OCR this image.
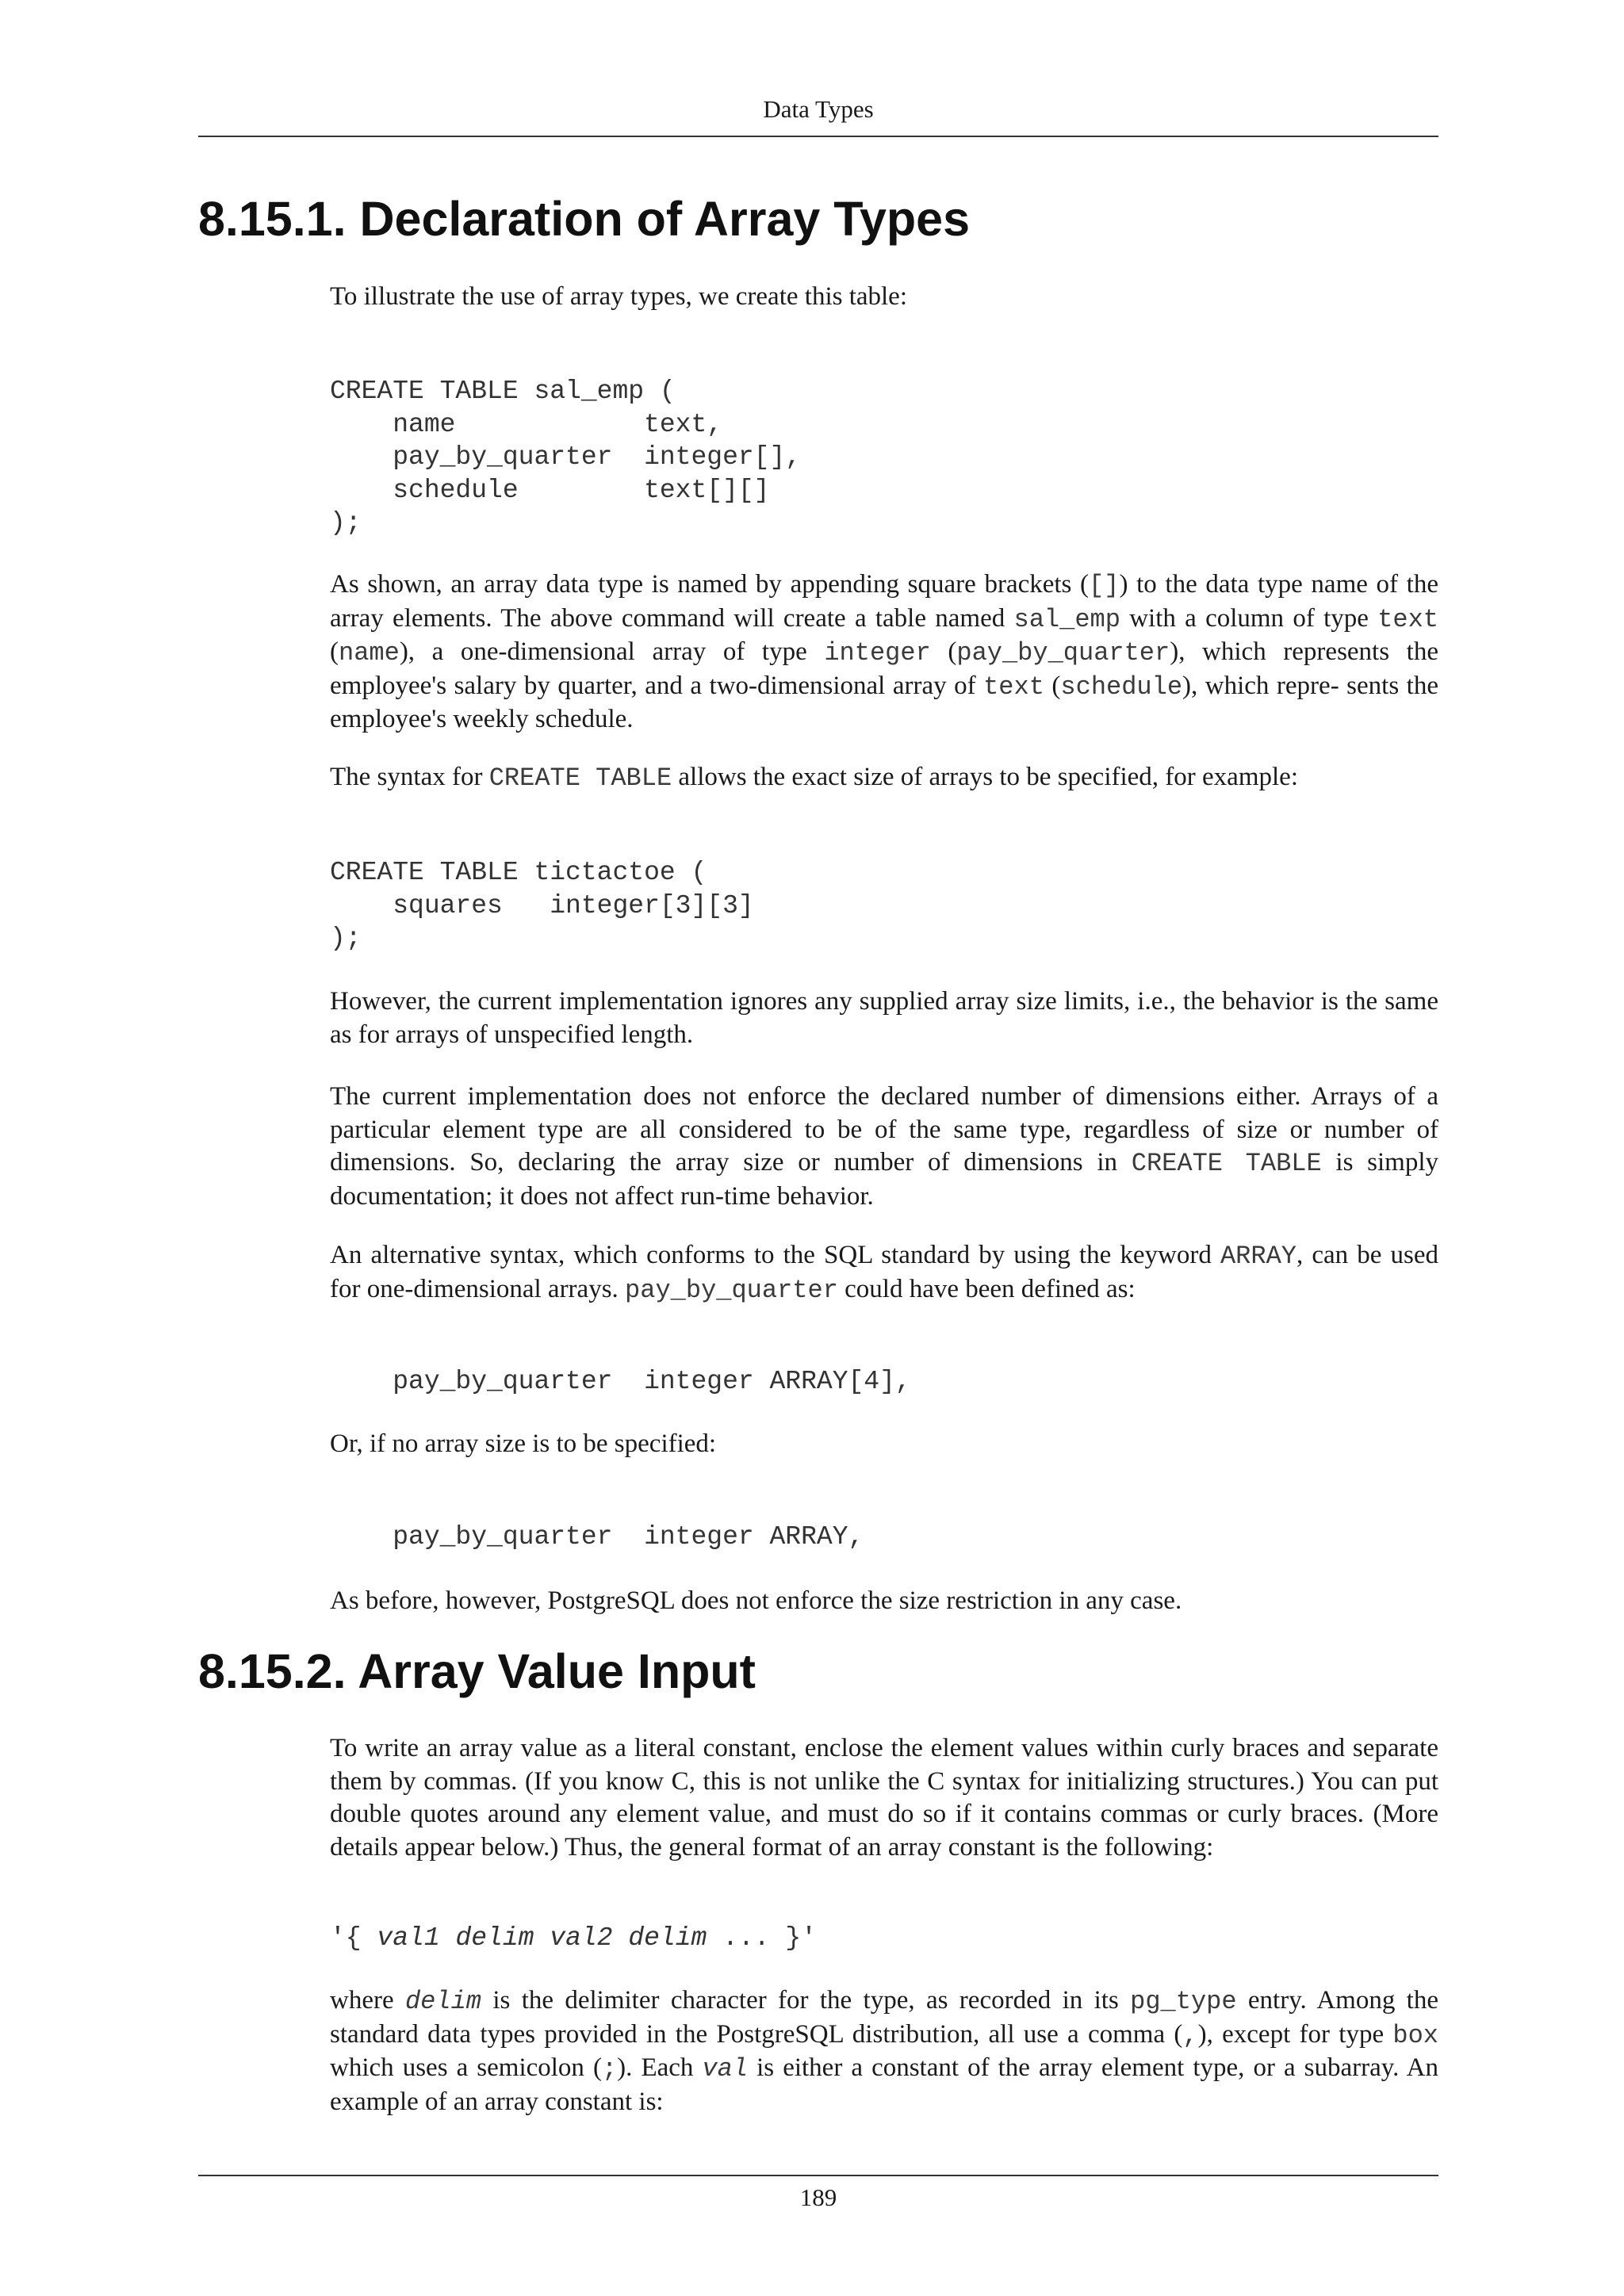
Data Types
8.15.1. Declaration of Array Types

To illustrate the use of array types, we create this table:

CREATE TABLE sal_emp (
name            text,
pay_by_quarter  integer[],
schedule        text[][]
);

As shown, an array data type is named by appending square brackets ([]) to the data type name of the array elements. The above command will create a table named sal_emp with a column of type text (name), a one-dimensional array of type integer (pay_by_quarter), which represents the employee's salary by quarter, and a two-dimensional array of text (schedule), which repre- sents the employee's weekly schedule.

The syntax for CREATE TABLE allows the exact size of arrays to be specified, for example:

CREATE TABLE tictactoe (
squares   integer[3][3]
);

However, the current implementation ignores any supplied array size limits, i.e., the behavior is the same as for arrays of unspecified length.

The current implementation does not enforce the declared number of dimensions either. Arrays of a particular element type are all considered to be of the same type, regardless of size or number of dimensions. So, declaring the array size or number of dimensions in CREATE TABLE is simply documentation; it does not affect run-time behavior.

An alternative syntax, which conforms to the SQL standard by using the keyword ARRAY, can be used for one-dimensional arrays. pay_by_quarter could have been defined as:

pay_by_quarter  integer ARRAY[4],

Or, if no array size is to be specified:

pay_by_quarter  integer ARRAY,

As before, however, PostgreSQL does not enforce the size restriction in any case.

8.15.2. Array Value Input

To write an array value as a literal constant, enclose the element values within curly braces and separate them by commas. (If you know C, this is not unlike the C syntax for initializing structures.) You can put double quotes around any element value, and must do so if it contains commas or curly braces. (More details appear below.) Thus, the general format of an array constant is the following:

'{ val1 delim val2 delim ... }'

where delim is the delimiter character for the type, as recorded in its pg_type entry. Among the standard data types provided in the PostgreSQL distribution, all use a comma (,), except for type box which uses a semicolon (;). Each val is either a constant of the array element type, or a subarray. An example of an array constant is:

189
